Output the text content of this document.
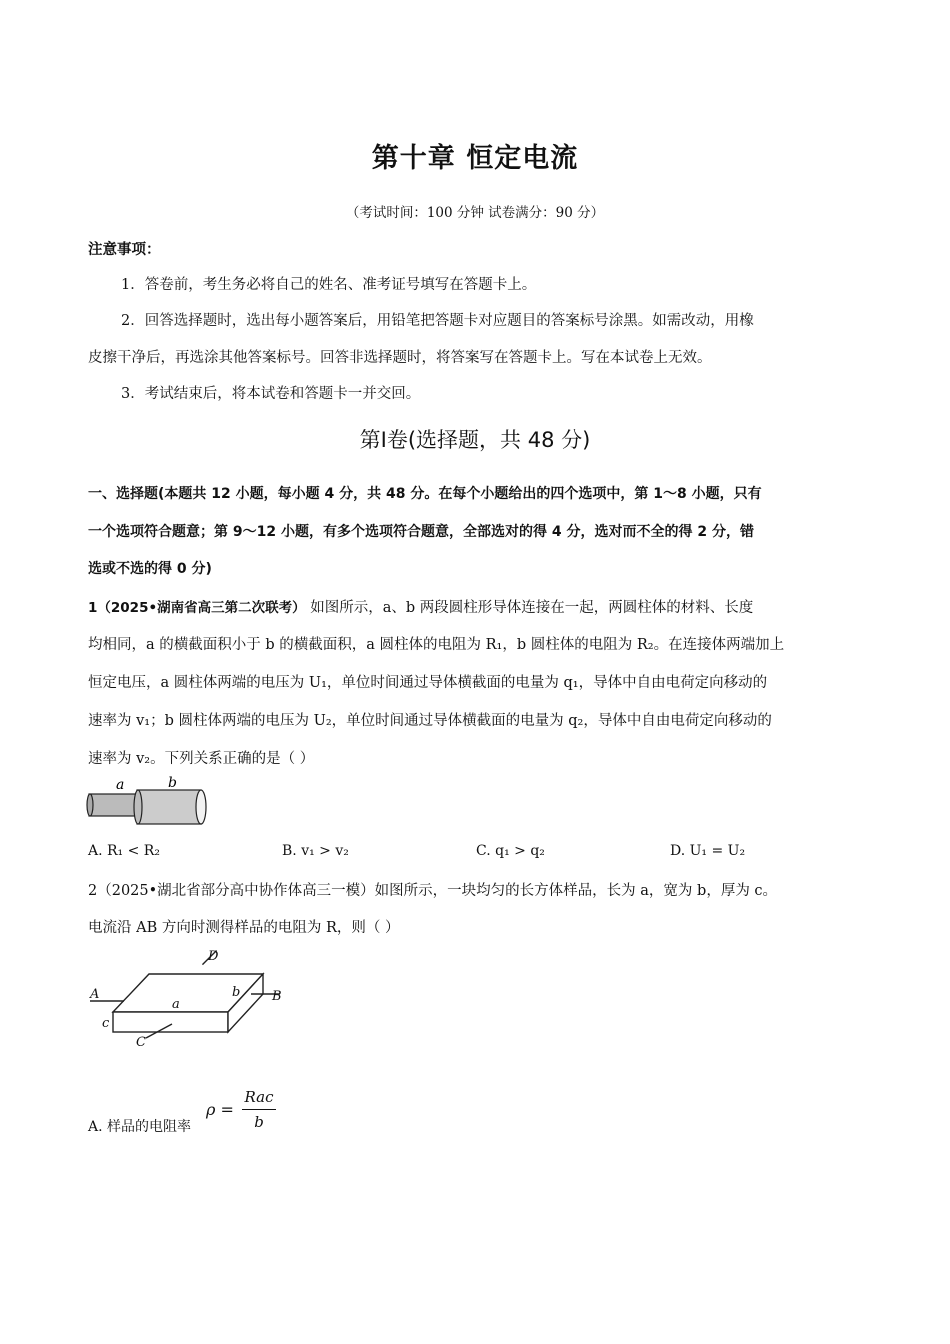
第十章 恒定电流
（考试时间：100 分钟 试卷满分：90 分）
注意事项：
1．答卷前，考生务必将自己的姓名、准考证号填写在答题卡上。
2．回答选择题时，选出每小题答案后，用铅笔把答题卡对应题目的答案标号涂黑。如需改动，用橡
皮擦干净后，再选涂其他答案标号。回答非选择题时，将答案写在答题卡上。写在本试卷上无效。
3．考试结束后，将本试卷和答题卡一并交回。
第Ⅰ卷(选择题，共 48 分)
一、选择题(本题共 12 小题，每小题 4 分，共 48 分。在每个小题给出的四个选项中，第 1～8 小题，只有
一个选项符合题意；第 9～12 小题，有多个选项符合题意，全部选对的得 4 分，选对而不全的得 2 分，错
选或不选的得 0 分)
1（2025•湖南省高三第二次联考） 如图所示，a、b 两段圆柱形导体连接在一起，两圆柱体的材料、长度
均相同，a 的横截面积小于 b 的横截面积，a 圆柱体的电阻为 R₁，b 圆柱体的电阻为 R₂。在连接体两端加上
恒定电压，a 圆柱体两端的电压为 U₁，单位时间通过导体横截面的电量为 q₁，导体中自由电荷定向移动的
速率为 v₁；b 圆柱体两端的电压为 U₂，单位时间通过导体横截面的电量为 q₂，导体中自由电荷定向移动的
速率为 v₂。下列关系正确的是（ ）
a	b
A. R₁ < R₂	B. v₁ > v₂	C. q₁ > q₂	D. U₁ = U₂
2（2025•湖北省部分高中协作体高三一模）如图所示，一块均匀的长方体样品，长为 a，宽为 b，厚为 c。
电流沿 AB 方向时测得样品的电阻为 R，则（ ）
A	B
C
D
a
b
c
A. 样品的电阻率
ρ =
Rac
b
